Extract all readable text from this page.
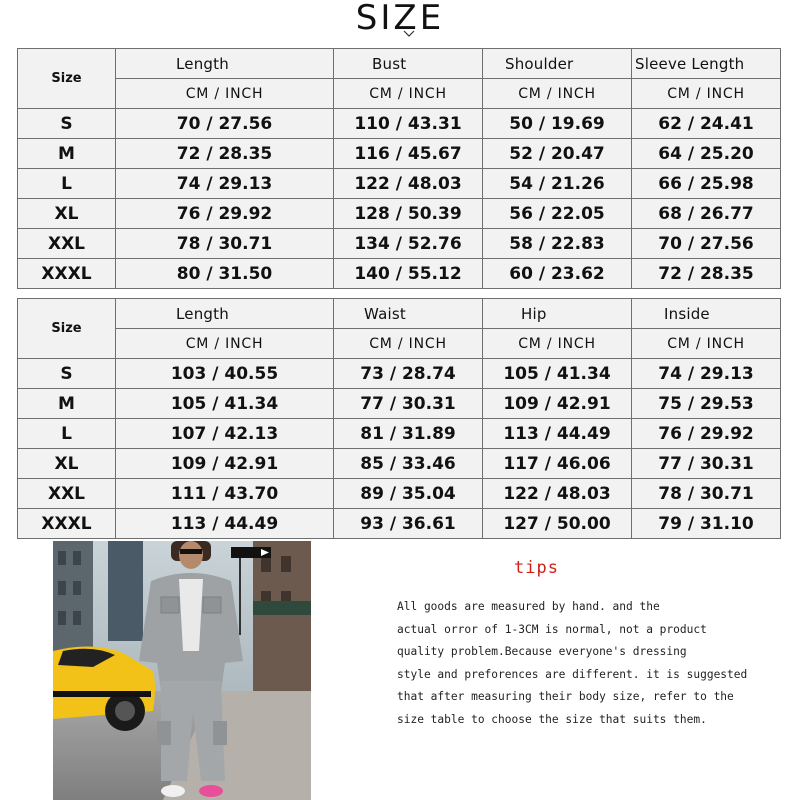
SIZE
Size	Length	Bust	Shoulder	Sleeve Length
	CM / INCH	CM / INCH	CM / INCH	CM / INCH
S	70 / 27.56	110 / 43.31	50 / 19.69	62 / 24.41
M	72 / 28.35	116 / 45.67	52 / 20.47	64 / 25.20
L	74 / 29.13	122 / 48.03	54 / 21.26	66 / 25.98
XL	76 / 29.92	128 / 50.39	56 / 22.05	68 / 26.77
XXL	78 / 30.71	134 / 52.76	58 / 22.83	70 / 27.56
XXXL	80 / 31.50	140 / 55.12	60 / 23.62	72 / 28.35
Size	Length	Waist	Hip	Inside
	CM / INCH	CM / INCH	CM / INCH	CM / INCH
S	103 / 40.55	73 / 28.74	105 / 41.34	74 / 29.13
M	105 / 41.34	77 / 30.31	109 / 42.91	75 / 29.53
L	107 / 42.13	81 / 31.89	113 / 44.49	76 / 29.92
XL	109 / 42.91	85 / 33.46	117 / 46.06	77 / 30.31
XXL	111 / 43.70	89 / 35.04	122 / 48.03	78 / 30.71
XXXL	113 / 44.49	93 / 36.61	127 / 50.00	79 / 31.10
tips
All goods are measured by hand. and the
actual orror of 1-3CM is normal, not a product
quality problem.Because everyone's dressing
style and preforences are different. it is suggested
that after measuring their body size, refer to the
size table to choose the size that suits them.
